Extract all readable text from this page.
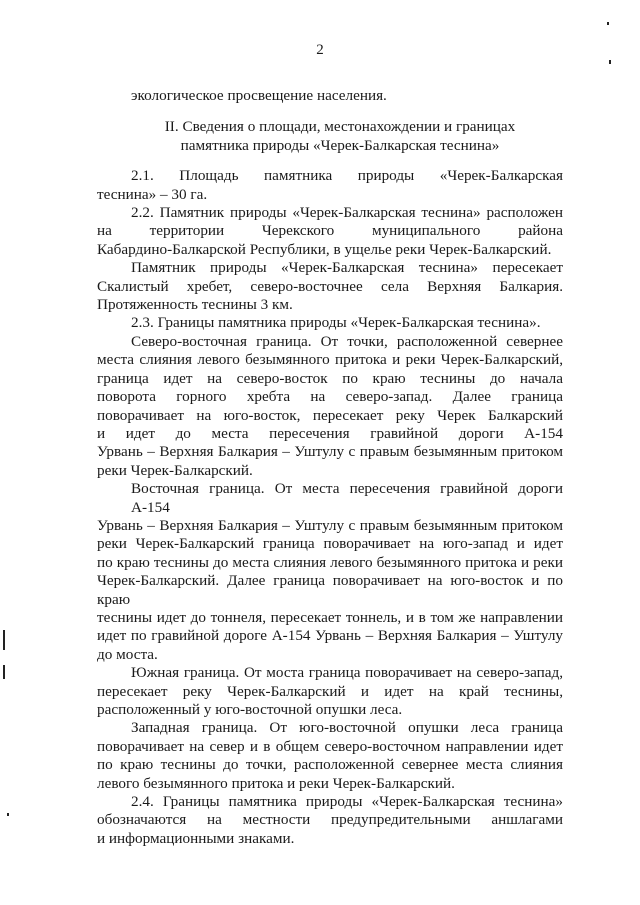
2
экологическое просвещение населения.
II. Сведения о площади, местонахождении и границах
памятника природы «Черек-Балкарская теснина»
2.1. Площадь памятника природы «Черек-Балкарская
теснина» – 30 га.
2.2. Памятник природы «Черек-Балкарская теснина» расположен
на территории Черекского муниципального района
Кабардино-Балкарской Республики, в ущелье реки Черек-Балкарский.
Памятник природы «Черек-Балкарская теснина» пересекает
Скалистый хребет, северо-восточнее села Верхняя Балкария.
Протяженность теснины 3 км.
2.3. Границы памятника природы «Черек-Балкарская теснина».
Северо-восточная граница. От точки, расположенной севернее
места слияния левого безымянного притока и реки Черек-Балкарский,
граница идет на северо-восток по краю теснины до начала
поворота горного хребта на северо-запад. Далее граница
поворачивает на юго-восток, пересекает реку Черек Балкарский
и идет до места пересечения гравийной дороги А-154
Урвань – Верхняя Балкария – Уштулу с правым безымянным притоком
реки Черек-Балкарский.
Восточная граница. От места пересечения гравийной дороги А-154
Урвань – Верхняя Балкария – Уштулу с правым безымянным притоком
реки Черек-Балкарский граница поворачивает на юго-запад и идет
по краю теснины до места слияния левого безымянного притока и реки
Черек-Балкарский. Далее граница поворачивает на юго-восток и по краю
теснины идет до тоннеля, пересекает тоннель, и в том же направлении
идет по гравийной дороге А-154 Урвань – Верхняя Балкария – Уштулу
до моста.
Южная граница. От моста граница поворачивает на северо-запад,
пересекает реку Черек-Балкарский и идет на край теснины,
расположенный у юго-восточной опушки леса.
Западная граница. От юго-восточной опушки леса граница
поворачивает на север и в общем северо-восточном направлении идет
по краю теснины до точки, расположенной севернее места слияния
левого безымянного притока и реки Черек-Балкарский.
2.4. Границы памятника природы «Черек-Балкарская теснина»
обозначаются на местности предупредительными аншлагами
и информационными знаками.
